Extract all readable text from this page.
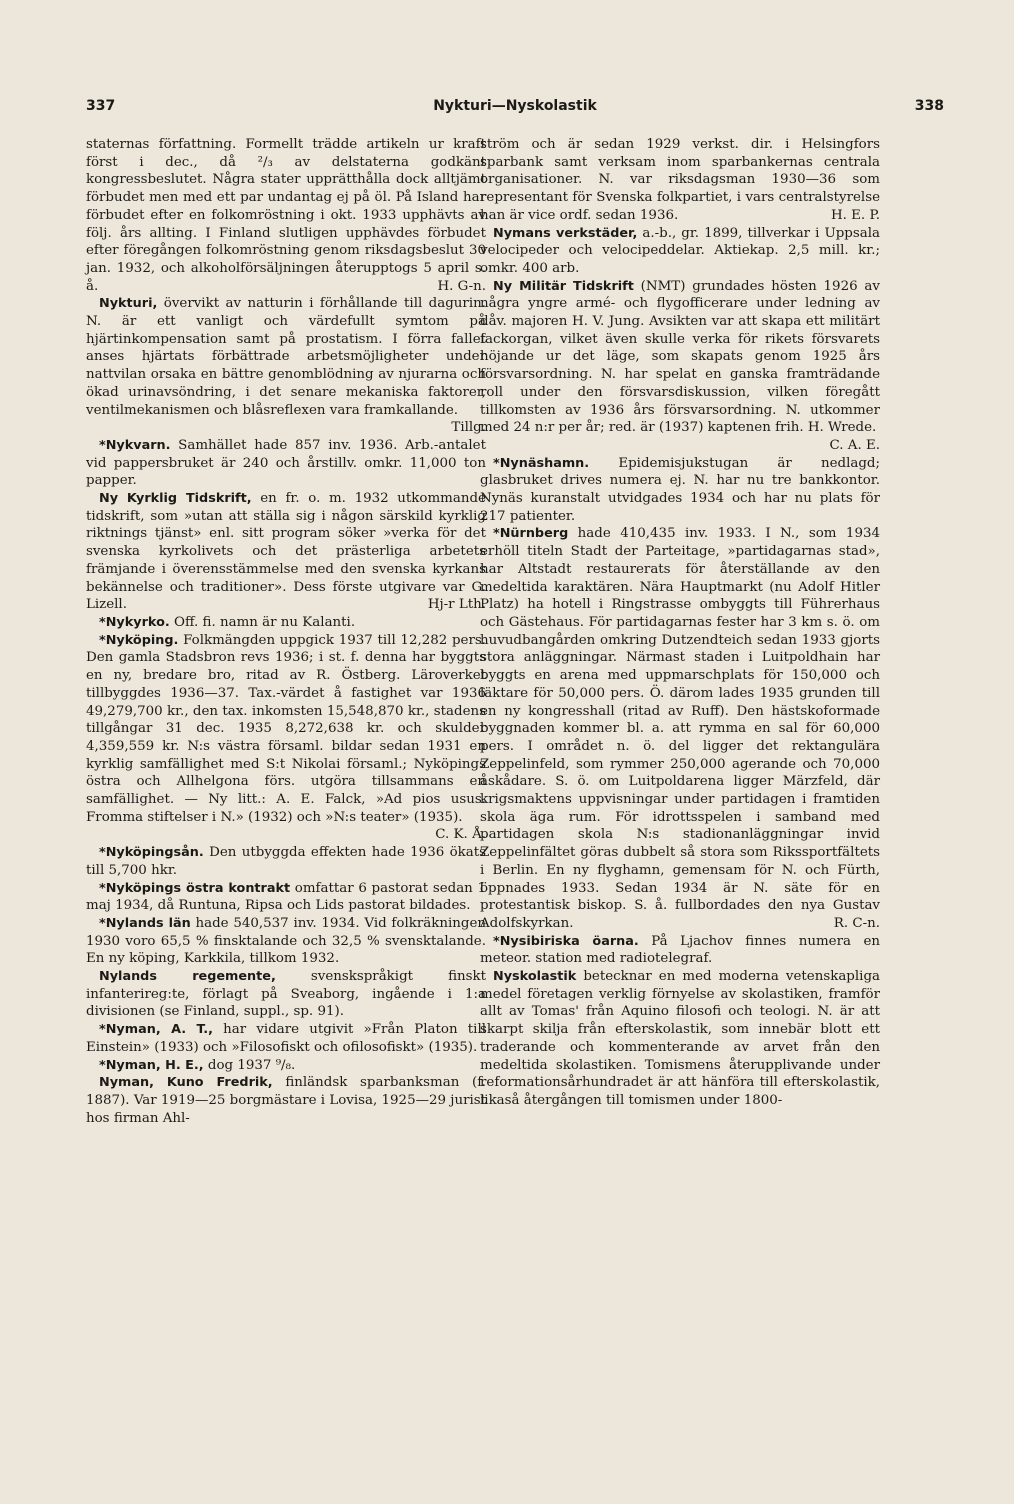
337	Nykturi—Nyskolastik	338

staternas författning. Formellt trädde artikeln ur kraft först i dec., då ²/₃ av delstaterna godkänt kongressbeslutet. Några stater upprätthålla dock alltjämt förbudet men med ett par undantag ej på öl. På Island har förbudet efter en folkomröstning i okt. 1933 upphävts av följ. års allting. I Finland slutligen upphävdes förbudet efter föregången folkomröstning genom riksdagsbeslut 30 jan. 1932, och alkoholförsäljningen återupptogs 5 april s. å.	H. G-n.

Nykturi, övervikt av natturin i förhållande till dagurin. N. är ett vanligt och värdefullt symtom på hjärtinkompensation samt på prostatism. I förra fallet anses hjärtats förbättrade arbetsmöjligheter under nattvilan orsaka en bättre genomblödning av njurarna och ökad urinavsöndring, i det senare mekaniska faktorer, ventilmekanismen och blåsreflexen vara framkallande.
Tillg.

*Nykvarn. Samhället hade 857 inv. 1936. Arb.-antalet vid pappersbruket är 240 och årstillv. omkr. 11,000 ton papper.

Ny Kyrklig Tidskrift, en fr. o. m. 1932 utkommande tidskrift, som »utan att ställa sig i någon särskild kyrklig riktnings tjänst» enl. sitt program söker »verka för det svenska kyrkolivets och det prästerliga arbetets främjande i överensstämmelse med den svenska kyrkans bekännelse och traditioner». Dess förste utgivare var G. Lizell.	Hj-r Lth.

*Nykyrko. Off. fi. namn är nu Kalanti.

*Nyköping. Folkmängden uppgick 1937 till 12,282 pers. Den gamla Stadsbron revs 1936; i st. f. denna har byggts en ny, bredare bro, ritad av R. Östberg. Läroverket tillbyggdes 1936—37. Tax.-värdet å fastighet var 1936 49,279,700 kr., den tax. inkomsten 15,548,870 kr., stadens tillgångar 31 dec. 1935 8,272,638 kr. och skulder 4,359,559 kr. N:s västra församl. bildar sedan 1931 en kyrklig samfällighet med S:t Nikolai församl.; Nyköpings östra och Allhelgona förs. utgöra tillsammans en samfällighet. — Ny litt.: A. E. Falck, »Ad pios usus. Fromma stiftelser i N.» (1932) och »N:s teater» (1935).
C. K. Å.

*Nyköpingsån. Den utbyggda effekten hade 1936 ökats till 5,700 hkr.

*Nyköpings östra kontrakt omfattar 6 pastorat sedan 1 maj 1934, då Runtuna, Ripsa och Lids pastorat bildades.

*Nylands län hade 540,537 inv. 1934. Vid folkräkningen 1930 voro 65,5 % finsktalande och 32,5 % svensktalande. En ny köping, Karkkila, tillkom 1932.

Nylands regemente, svenskspråkigt finskt infanterireg:te, förlagt på Sveaborg, ingående i 1:a divisionen (se Finland, suppl., sp. 91).

*Nyman, A. T., har vidare utgivit »Från Platon till Einstein» (1933) och »Filosofiskt och ofilosofiskt» (1935).

*Nyman, H. E., dog 1937 ⁹/₈.

Nyman, Kuno Fredrik, finländsk sparbanksman (f. 1887). Var 1919—25 borgmästare i Lovisa, 1925—29 jurist hos firman Ahl-

ström och är sedan 1929 verkst. dir. i Helsingfors sparbank samt verksam inom sparbankernas centrala organisationer. N. var riksdagsman 1930—36 som representant för Svenska folkpartiet, i vars centralstyrelse han är vice ordf. sedan 1936.	H. E. P.

Nymans verkstäder, a.-b., gr. 1899, tillverkar i Uppsala velocipeder och velocipeddelar. Aktiekap. 2,5 mill. kr.; omkr. 400 arb.

Ny Militär Tidskrift (NMT) grundades hösten 1926 av några yngre armé- och flygofficerare under ledning av dåv. majoren H. V. Jung. Avsikten var att skapa ett militärt fackorgan, vilket även skulle verka för rikets försvarets höjande ur det läge, som skapats genom 1925 års försvarsordning. N. har spelat en ganska framträdande roll under den försvarsdiskussion, vilken föregått tillkomsten av 1936 års försvarsordning. N. utkommer med 24 n:r per år; red. är (1937) kaptenen frih. H. Wrede.
C. A. E.

*Nynäshamn. Epidemisjukstugan är nedlagd; glasbruket drives numera ej. N. har nu tre bankkontor. Nynäs kuranstalt utvidgades 1934 och har nu plats för 217 patienter.

*Nürnberg hade 410,435 inv. 1933. I N., som 1934 erhöll titeln Stadt der Parteitage, »partidagarnas stad», har Altstadt restaurerats för återställande av den medeltida karaktären. Nära Hauptmarkt (nu Adolf Hitler Platz) ha hotell i Ringstrasse ombyggts till Führerhaus och Gästehaus. För partidagarnas fester har 3 km s. ö. om huvudbangården omkring Dutzendteich sedan 1933 gjorts stora anläggningar. Närmast staden i Luitpoldhain har byggts en arena med uppmarschplats för 150,000 och läktare för 50,000 pers. Ö. därom lades 1935 grunden till en ny kongresshall (ritad av Ruff). Den hästskoformade byggnaden kommer bl. a. att rymma en sal för 60,000 pers. I området n. ö. del ligger det rektangulära Zeppelinfeld, som rymmer 250,000 agerande och 70,000 åskådare. S. ö. om Luitpoldarena ligger Märzfeld, där krigsmaktens uppvisningar under partidagen i framtiden skola äga rum. För idrottsspelen i samband med partidagen skola N:s stadionanläggningar invid Zeppelinfältet göras dubbelt så stora som Rikssportfältets i Berlin. En ny flyghamn, gemensam för N. och Fürth, öppnades 1933. Sedan 1934 är N. säte för en protestantisk biskop. S. å. fullbordades den nya Gustav Adolfskyrkan.	R. C-n.

*Nysibiriska öarna. På Ljachov finnes numera en meteor. station med radiotelegraf.

Nyskolastik betecknar en med moderna vetenskapliga medel företagen verklig förnyelse av skolastiken, framför allt av Tomas' från Aquino filosofi och teologi. N. är att skarpt skilja från efterskolastik, som innebär blott ett traderande och kommenterande av arvet från den medeltida skolastiken. Tomismens återupplivande under reformationsårhundradet är att hänföra till efterskolastik, likaså återgången till tomismen under 1800-
